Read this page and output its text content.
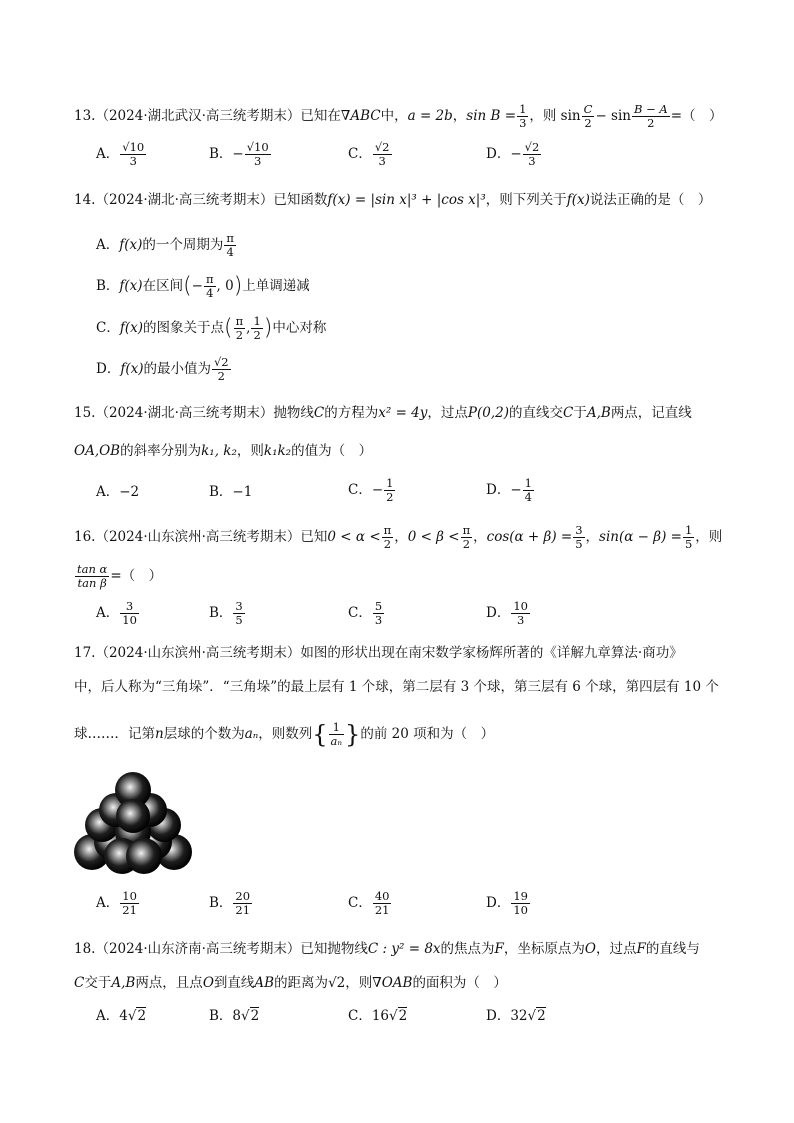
13.（2024·湖北武汉·高三统考期末）已知在∇ABC中，a = 2b，$\sin B = \frac{1}{3}$ ，则 $\sin \frac{C}{2} - \sin \frac{B - A}{2}$ =（　）
A． $\frac{√10}{3}$	B．− $\frac{√10}{3}$	C． $\frac{√2}{3}$	D．− $\frac{√2}{3}$
14.（2024·湖北·高三统考期末）已知函数f(x) = |sin x|³ + |cos x|³，则下列关于f(x)说法正确的是（　）
A．f(x)的一个周期为 $\frac{\pi}{4}$
B．f(x)在区间(− $\frac{\pi}{4}$ , 0)上单调递减
C．f(x)的图象关于点( $\frac{\pi}{2}$ , $\frac{1}{2}$ )中心对称
D．f(x)的最小值为 $\frac{√2}{2}$
15.（2024·湖北·高三统考期末）抛物线C的方程为x² = 4y，过点P(0,2)的直线交C于A,B两点，记直线
OA,OB的斜率分别为k₁, k₂，则k₁k₂的值为（　）
A．−2	B．−1	C．− $\frac{1}{2}$	D．− $\frac{1}{4}$
16.（2024·山东滨州·高三统考期末）已知$0 < \alpha < \frac{\pi}{2}$ ，$0 < \beta < \frac{\pi}{2}$ ，$\cos(\alpha + \beta) = \frac{3}{5}$ ，$\sin(\alpha - \beta) = \frac{1}{5}$ ，则
$\frac{\text{tan α}}{\text{tan β}}$ =（　）
A． $\frac{3}{10}$	B． $\frac{3}{5}$	C． $\frac{5}{3}$	D． $\frac{10}{3}$
17.（2024·山东滨州·高三统考期末）如图的形状出现在南宋数学家杨辉所著的《详解九章算法·商功》
中，后人称为“三角垛”．“三角垛”的最上层有 1 个球，第二层有 3 个球，第三层有 6 个球，第四层有 10 个
球……．记第n层球的个数为aₙ，则数列{ $\frac{1}{\text{aₙ}}$ }的前 20 项和为（　）
A． $\frac{10}{21}$	B． $\frac{20}{21}$	C． $\frac{40}{21}$	D． $\frac{19}{10}$
18.（2024·山东济南·高三统考期末）已知抛物线C : y² = 8x的焦点为F，坐标原点为O，过点F的直线与
C交于A,B两点，且点O到直线AB的距离为√2，则∇OAB的面积为（　）
A．4√2	B．8√2	C．16√2	D．32√2
